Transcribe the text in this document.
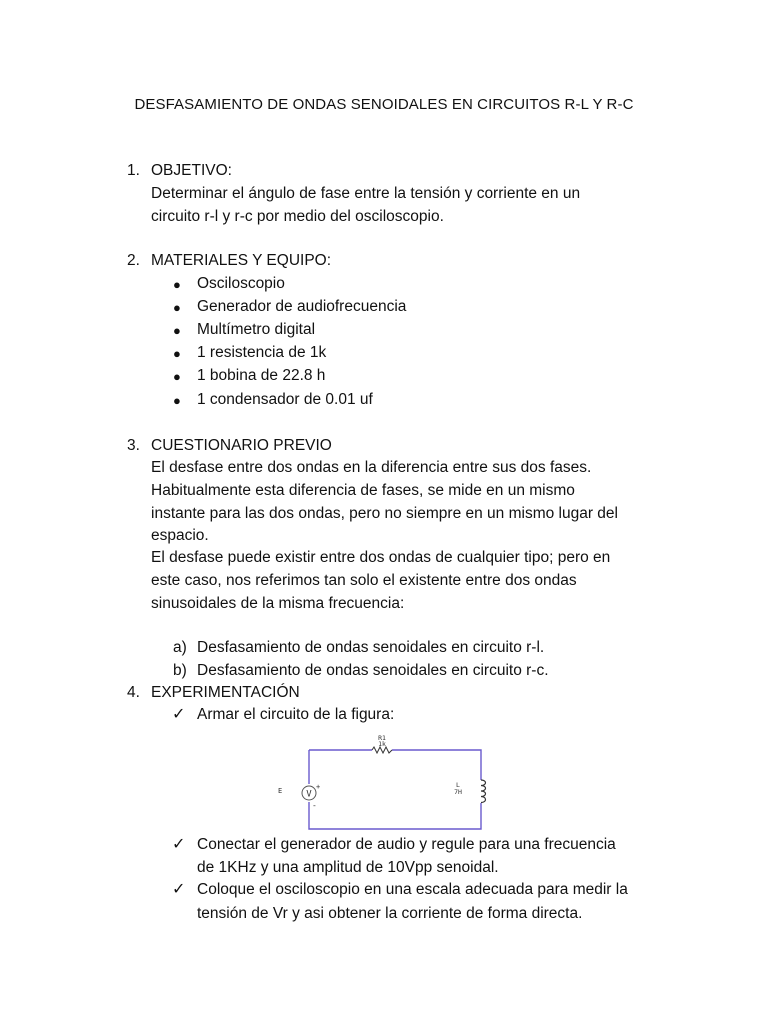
DESFASAMIENTO DE ONDAS SENOIDALES EN CIRCUITOS R-L Y R-C
1. OBJETIVO:
Determinar el ángulo de fase entre la tensión y corriente en un
circuito r-l y r-c por medio del osciloscopio.
2. MATERIALES Y EQUIPO:
● Osciloscopio
● Generador de audiofrecuencia
● Multímetro digital
● 1 resistencia de 1k
● 1 bobina de 22.8 h
● 1 condensador de 0.01 uf
3. CUESTIONARIO PREVIO
El desfase entre dos ondas en la diferencia entre sus dos fases.
Habitualmente esta diferencia de fases, se mide en un mismo
instante para las dos ondas, pero no siempre en un mismo lugar del
espacio.
El desfase puede existir entre dos ondas de cualquier tipo; pero en
este caso, nos referimos tan solo el existente entre dos ondas
sinusoidales de la misma frecuencia:
a) Desfasamiento de ondas senoidales en circuito r-l.
b) Desfasamiento de ondas senoidales en circuito r-c.
4. EXPERIMENTACIÓN
✓ Armar el circuito de la figura:
V
+
-
E
R1
1k
L
7H
✓ Conectar el generador de audio y regule para una frecuencia
de 1KHz y una amplitud de 10Vpp senoidal.
✓ Coloque el osciloscopio en una escala adecuada para medir la
tensión de Vr y asi obtener la corriente de forma directa.
